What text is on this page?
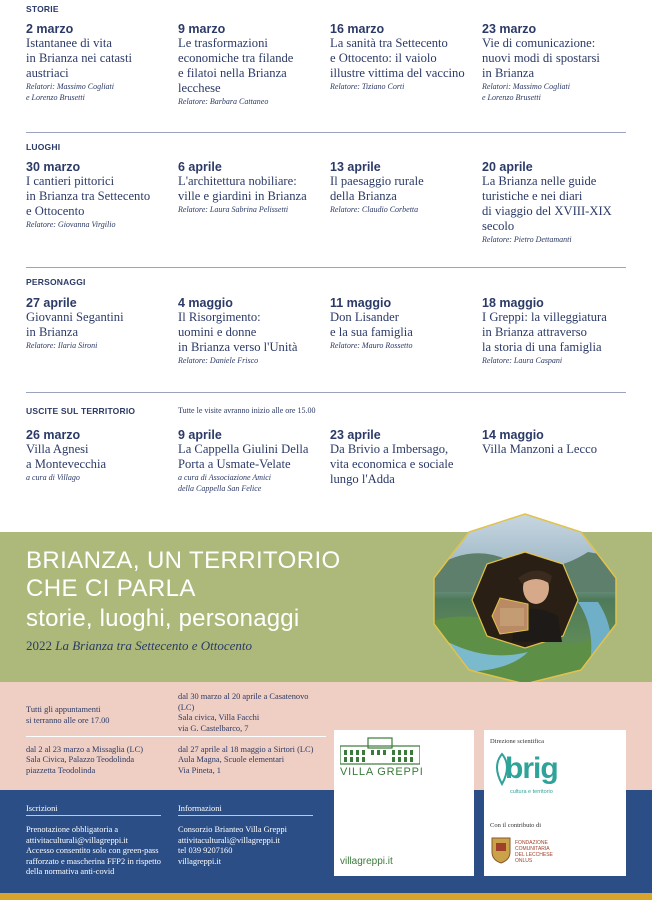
STORIE
LUOGHI
PERSONAGGI
USCITE SUL TERRITORIO	Tutte le visite avranno inizio alle ore 15.00
2 marzo
Istantanee di vita
in Brianza nei catasti
austriaci
Relatori: Massimo Cogliati
e Lorenzo Brusetti
9 marzo
Le trasformazioni
economiche tra filande
e filatoi nella Brianza
lecchese
Relatore: Barbara Cattaneo
16 marzo
La sanità tra Settecento
e Ottocento: il vaiolo
illustre vittima del vaccino
Relatore: Tiziano Corti
23 marzo
Vie di comunicazione:
nuovi modi di spostarsi
in Brianza
Relatori: Massimo Cogliati
e Lorenzo Brusetti
30 marzo
I cantieri pittorici
in Brianza tra Settecento
e Ottocento
Relatore: Giovanna Virgilio
6 aprile
L'architettura nobiliare:
ville e giardini in Brianza
Relatore: Laura Sabrina Pelissetti
13 aprile
Il paesaggio rurale
della Brianza
Relatore: Claudio Corbetta
20 aprile
La Brianza nelle guide
turistiche e nei diari
di viaggio del XVIII-XIX
secolo
Relatore: Pietro Dettamanti
27 aprile
Giovanni Segantini
in Brianza
Relatore: Ilaria Sironi
4 maggio
Il Risorgimento:
uomini e donne
in Brianza verso l'Unità
Relatore: Daniele Frisco
11 maggio
Don Lisander
e la sua famiglia
Relatore: Mauro Rossetto
18 maggio
I Greppi: la villeggiatura
in Brianza attraverso
la storia di una famiglia
Relatore: Laura Caspani
26 marzo
Villa Agnesi
a Montevecchia
a cura di Villago
9 aprile
La Cappella Giulini Della
Porta a Usmate-Velate
a cura di Associazione Amici
della Cappella San Felice
23 aprile
Da Brivio a Imbersago,
vita economica e sociale
lungo l'Adda
14 maggio
Villa Manzoni a Lecco
BRIANZA, UN TERRITORIO
CHE CI PARLA
storie, luoghi, personaggi
2022 La Brianza tra Settecento e Ottocento
Tutti gli appuntamenti
si terranno alle ore 17.00
dal 30 marzo al 20 aprile a Casatenovo
(LC)
Sala civica, Villa Facchi
via G. Castelbarco, 7
dal 2 al 23 marzo a Missaglia (LC)
Sala Civica, Palazzo Teodolinda
piazzetta Teodolinda
dal 27 aprile al 18 maggio a Sirtori (LC)
Aula Magna, Scuole elementari
Via Pineta, 1
Iscrizioni
Prenotazione obbligatoria a
attivitaculturali@villagreppi.it
Accesso consentito solo con green-pass
rafforzato e mascherina FFP2 in rispetto
della normativa anti-covid
Informazioni
Consorzio Brianteo Villa Greppi
attivitaculturali@villagreppi.it
tel 039 9207160
villagreppi.it
VILLA GREPPI
villagreppi.it
Direzione scientifica
brig
cultura e territorio
Con il contributo di
FONDAZIONE
COMUNITARIA
DEL LECCHESE
ONLUS
